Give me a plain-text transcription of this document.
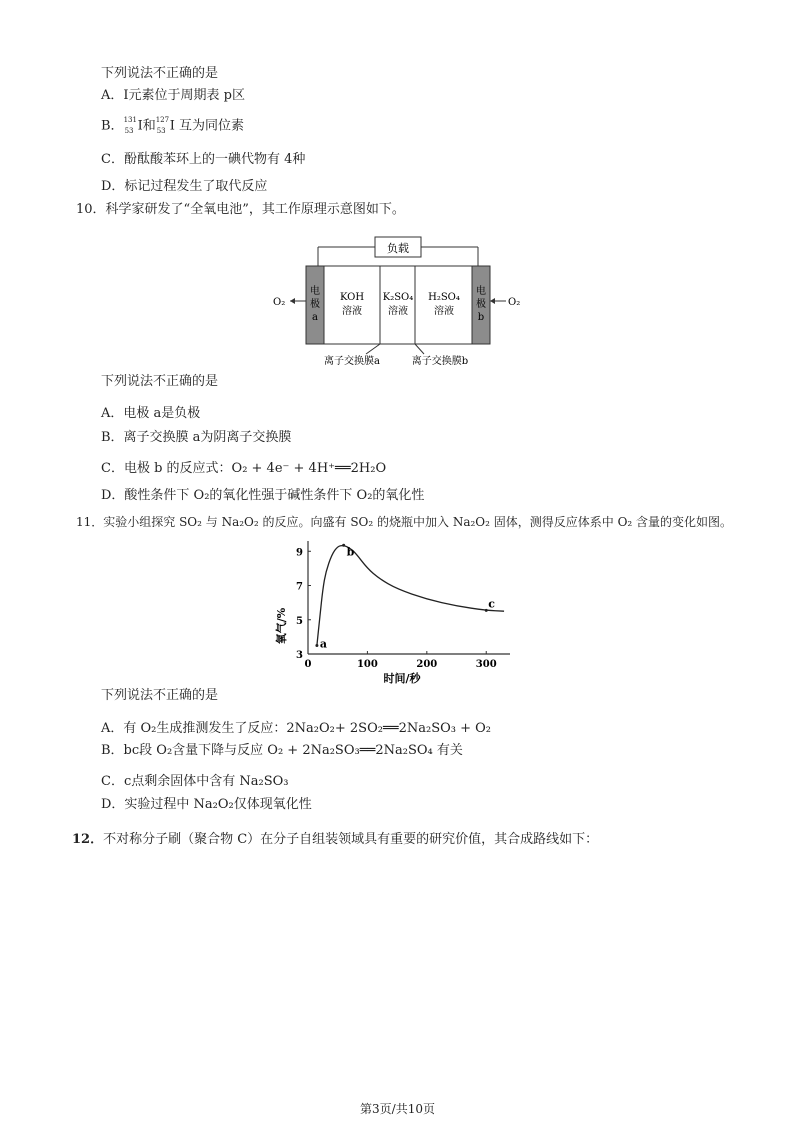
下列说法不正确的是
A．I元素位于周期表 p区
B． 131
53 I和 127
53 I 互为同位素
C．酚酞酸苯环上的一碘代物有 4种
D．标记过程发生了取代反应
10．科学家研发了“全氧电池”，其工作原理示意图如下。
负载
电
极
a
电
极
b
KOH
溶液
K₂SO₄
溶液
H₂SO₄
溶液
O₂	O₂
离子交换膜a	离子交换膜b
下列说法不正确的是
A．电极 a是负极
B．离子交换膜 a为阴离子交换膜
C．电极 b 的反应式：O₂ + 4e⁻ + 4H⁺══2H₂O
D．酸性条件下 O₂的氧化性强于碱性条件下 O₂的氧化性
11．实验小组探究 SO₂ 与 Na₂O₂ 的反应。向盛有 SO₂ 的烧瓶中加入 Na₂O₂ 固体，测得反应体系中 O₂ 含量的变化如图。
0	100	200	300
3
5
7
9
a
b
c
氧气/%
时间/秒
下列说法不正确的是
A．有 O₂生成推测发生了反应：2Na₂O₂+ 2SO₂══2Na₂SO₃ + O₂
B．bc段 O₂含量下降与反应 O₂ + 2Na₂SO₃══2Na₂SO₄ 有关
C．c点剩余固体中含有 Na₂SO₃
D．实验过程中 Na₂O₂仅体现氧化性
12．不对称分子刷（聚合物 C）在分子自组装领域具有重要的研究价值，其合成路线如下：
第3页/共10页
